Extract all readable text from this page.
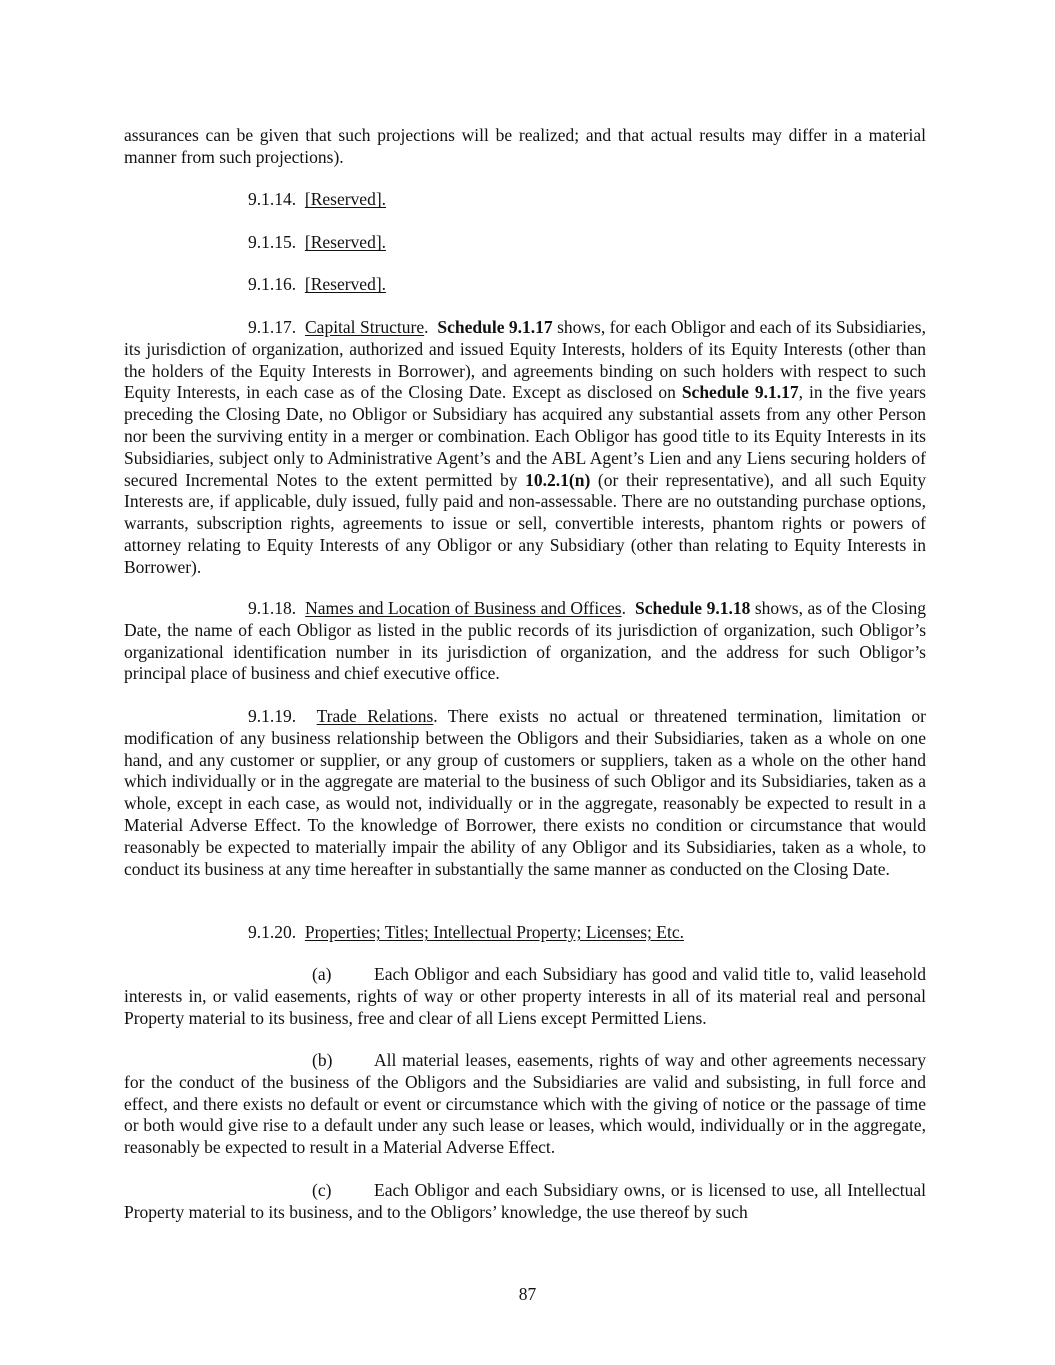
assurances can be given that such projections will be realized; and that actual results may differ in a material manner from such projections).

9.1.14. [Reserved].

9.1.15. [Reserved].

9.1.16. [Reserved].

9.1.17. Capital Structure. Schedule 9.1.17 shows, for each Obligor and each of its Subsidiaries, its jurisdiction of organization, authorized and issued Equity Interests, holders of its Equity Interests (other than the holders of the Equity Interests in Borrower), and agreements binding on such holders with respect to such Equity Interests, in each case as of the Closing Date. Except as disclosed on Schedule 9.1.17, in the five years preceding the Closing Date, no Obligor or Subsidiary has acquired any substantial assets from any other Person nor been the surviving entity in a merger or combination. Each Obligor has good title to its Equity Interests in its Subsidiaries, subject only to Administrative Agent’s and the ABL Agent’s Lien and any Liens securing holders of secured Incremental Notes to the extent permitted by 10.2.1(n) (or their representative), and all such Equity Interests are, if applicable, duly issued, fully paid and non-assessable. There are no outstanding purchase options, warrants, subscription rights, agreements to issue or sell, convertible interests, phantom rights or powers of attorney relating to Equity Interests of any Obligor or any Subsidiary (other than relating to Equity Interests in Borrower).

9.1.18. Names and Location of Business and Offices. Schedule 9.1.18 shows, as of the Closing Date, the name of each Obligor as listed in the public records of its jurisdiction of organization, such Obligor’s organizational identification number in its jurisdiction of organization, and the address for such Obligor’s principal place of business and chief executive office.

9.1.19. Trade Relations. There exists no actual or threatened termination, limitation or modification of any business relationship between the Obligors and their Subsidiaries, taken as a whole on one hand, and any customer or supplier, or any group of customers or suppliers, taken as a whole on the other hand which individually or in the aggregate are material to the business of such Obligor and its Subsidiaries, taken as a whole, except in each case, as would not, individually or in the aggregate, reasonably be expected to result in a Material Adverse Effect. To the knowledge of Borrower, there exists no condition or circumstance that would reasonably be expected to materially impair the ability of any Obligor and its Subsidiaries, taken as a whole, to conduct its business at any time hereafter in substantially the same manner as conducted on the Closing Date.

9.1.20. Properties; Titles; Intellectual Property; Licenses; Etc.

(a) Each Obligor and each Subsidiary has good and valid title to, valid leasehold interests in, or valid easements, rights of way or other property interests in all of its material real and personal Property material to its business, free and clear of all Liens except Permitted Liens.

(b) All material leases, easements, rights of way and other agreements necessary for the conduct of the business of the Obligors and the Subsidiaries are valid and subsisting, in full force and effect, and there exists no default or event or circumstance which with the giving of notice or the passage of time or both would give rise to a default under any such lease or leases, which would, individually or in the aggregate, reasonably be expected to result in a Material Adverse Effect.

(c) Each Obligor and each Subsidiary owns, or is licensed to use, all Intellectual Property material to its business, and to the Obligors’ knowledge, the use thereof by such

87
